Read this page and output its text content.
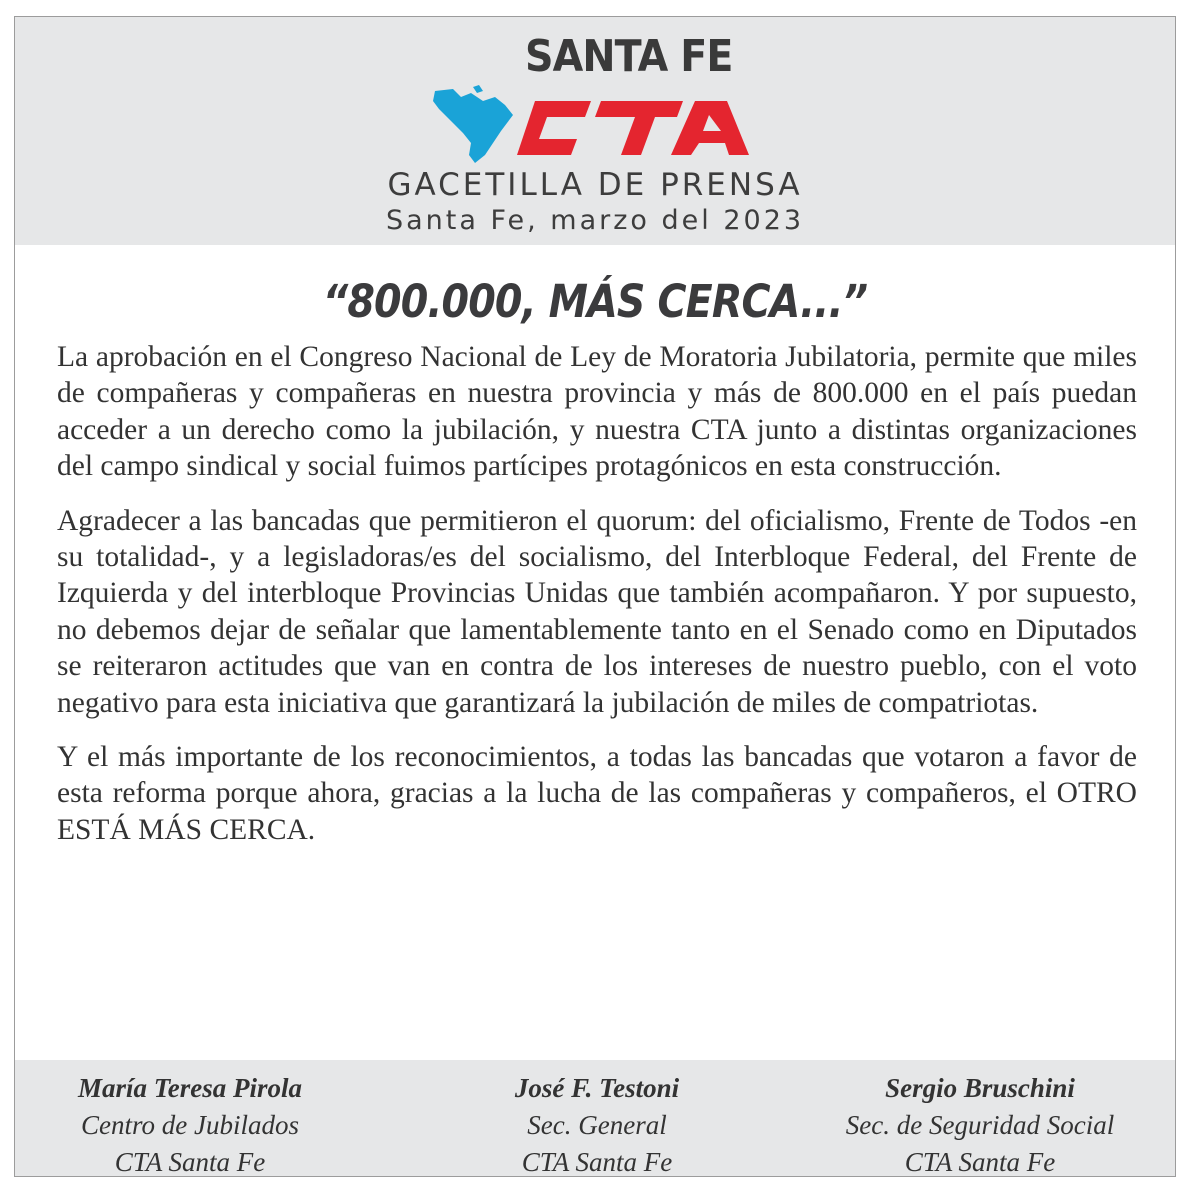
SANTA FE
GACETILLA DE PRENSA
Santa Fe, marzo del 2023
“800.000, MÁS CERCA...”

La aprobación en el Congreso Nacional de Ley de Moratoria Jubilatoria, permite que miles de compañeras y compañeras en nuestra provincia y más de 800.000 en el país puedan acceder a un derecho como la jubilación, y nuestra CTA junto a distintas organizaciones del campo sindical y social fuimos partícipes protagónicos en esta construcción.

Agradecer a las bancadas que permitieron el quorum: del oficialismo, Frente de Todos -en su totalidad-, y a legisladoras/es del socialismo, del Interbloque Federal, del Frente de Izquierda y del interbloque Provincias Unidas que también acompañaron. Y por supuesto, no debemos dejar de señalar que lamentablemente tanto en el Senado como en Diputados se reiteraron actitudes que van en contra de los intereses de nuestro pueblo, con el voto negativo para esta iniciativa que garantizará la jubilación de miles de compatriotas.

Y el más importante de los reconocimientos, a todas las bancadas que votaron a favor de esta reforma porque ahora, gracias a la lucha de las compañeras y compañeros, el OTRO ESTÁ MÁS CERCA.

María Teresa Pirola
Centro de Jubilados
CTA Santa Fe
José F. Testoni
Sec. General
CTA Santa Fe
Sergio Bruschini
Sec. de Seguridad Social
CTA Santa Fe
